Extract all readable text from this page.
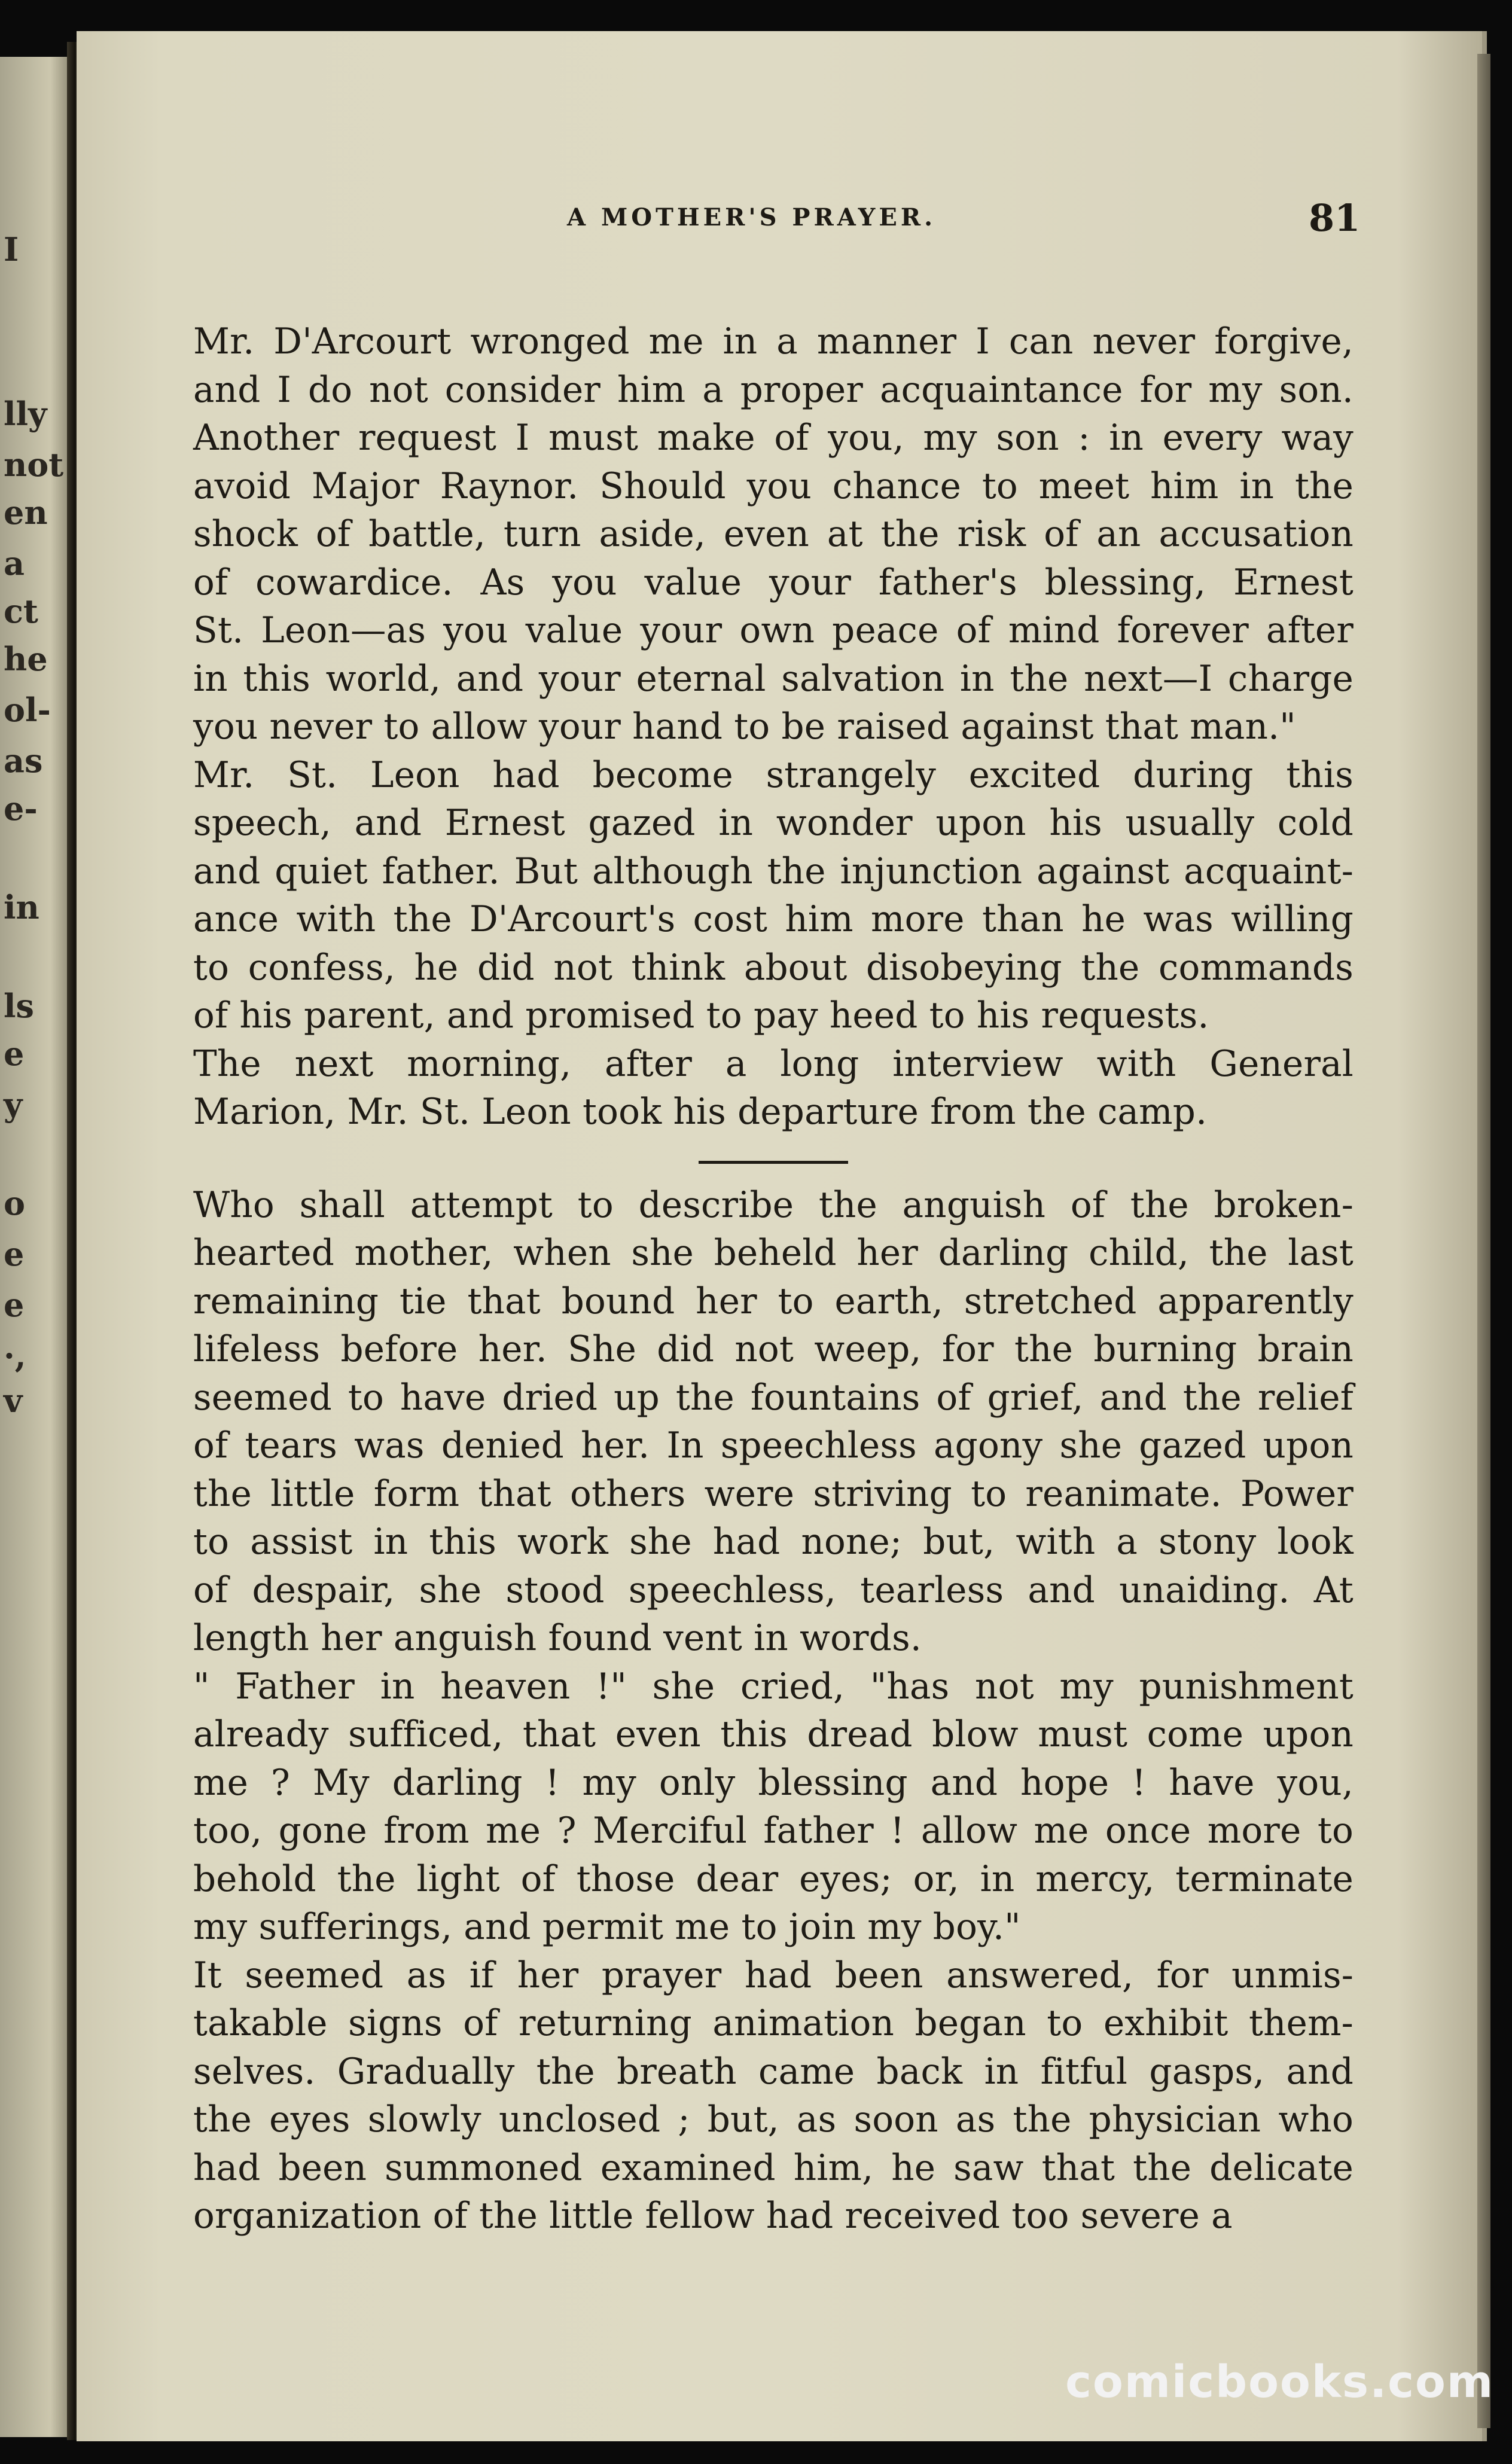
I
lly
not
en
a
ct
he
ol-
as
e-
in
ls
e
y
o
e
e
·,
v
A MOTHER'S PRAYER.	81
Mr. D'Arcourt wronged me in a manner I can never forgive,
and I do not consider him a proper acquaintance for my son.
Another request I must make of you, my son : in every way
avoid Major Raynor. Should you chance to meet him in the
shock of battle, turn aside, even at the risk of an accusation
of cowardice. As you value your father's blessing, Ernest
St. Leon—as you value your own peace of mind forever after
in this world, and your eternal salvation in the next—I charge
you never to allow your hand to be raised against that man."
Mr. St. Leon had become strangely excited during this
speech, and Ernest gazed in wonder upon his usually cold
and quiet father. But although the injunction against acquaint-
ance with the D'Arcourt's cost him more than he was willing
to confess, he did not think about disobeying the commands
of his parent, and promised to pay heed to his requests.
The next morning, after a long interview with General
Marion, Mr. St. Leon took his departure from the camp.
Who shall attempt to describe the anguish of the broken-
hearted mother, when she beheld her darling child, the last
remaining tie that bound her to earth, stretched apparently
lifeless before her. She did not weep, for the burning brain
seemed to have dried up the fountains of grief, and the relief
of tears was denied her. In speechless agony she gazed upon
the little form that others were striving to reanimate. Power
to assist in this work she had none; but, with a stony look
of despair, she stood speechless, tearless and unaiding. At
length her anguish found vent in words.
" Father in heaven !" she cried, "has not my punishment
already sufficed, that even this dread blow must come upon
me ? My darling ! my only blessing and hope ! have you,
too, gone from me ? Merciful father ! allow me once more to
behold the light of those dear eyes; or, in mercy, terminate
my sufferings, and permit me to join my boy."
It seemed as if her prayer had been answered, for unmis-
takable signs of returning animation began to exhibit them-
selves. Gradually the breath came back in fitful gasps, and
the eyes slowly unclosed ; but, as soon as the physician who
had been summoned examined him, he saw that the delicate
organization of the little fellow had received too severe a
comicbooks.com
